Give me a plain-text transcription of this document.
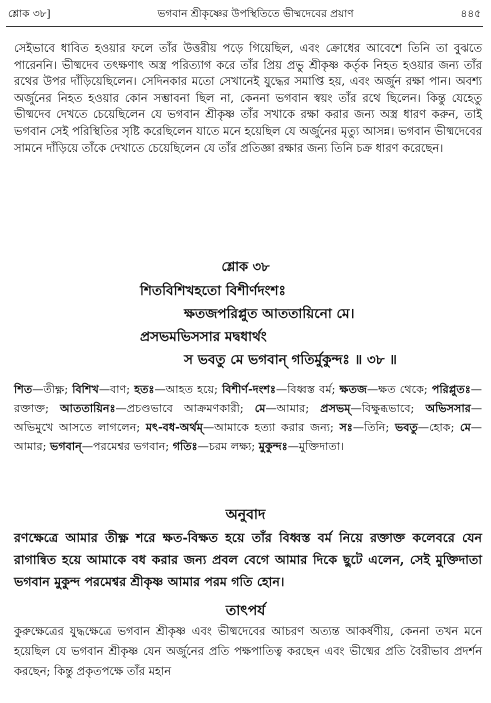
শ্লোক ৩৮]	ভগবান শ্রীকৃষ্ণের উপস্থিতিতে ভীষ্মদেবের প্রয়াণ	৪৪৫

সেইভাবে ধাবিত হওয়ার ফলে তাঁর উত্তরীয় পড়ে গিয়েছিল, এবং ক্রোধের আবেশে তিনি তা বুঝতে পারেননি। ভীষ্মদেব তৎক্ষণাৎ অস্ত্র পরিত্যাগ করে তাঁর প্রিয় প্রভু শ্রীকৃষ্ণ কর্তৃক নিহত হওয়ার জন্য তাঁর রথের উপর দাঁড়িয়েছিলেন। সেদিনকার মতো সেখানেই যুদ্ধের সমাপ্তি হয়, এবং অর্জুন রক্ষা পান। অবশ্য অর্জুনের নিহত হওয়ার কোন সম্ভাবনা ছিল না, কেননা ভগবান স্বয়ং তাঁর রথে ছিলেন। কিন্তু যেহেতু ভীষ্মদেব দেখতে চেয়েছিলেন যে ভগবান শ্রীকৃষ্ণ তাঁর সখাকে রক্ষা করার জন্য অস্ত্র ধারণ করুন, তাই ভগবান সেই পরিস্থিতির সৃষ্টি করেছিলেন যাতে মনে হয়েছিল যে অর্জুনের মৃত্যু আসন্ন। ভগবান ভীষ্মদেবের সামনে দাঁড়িয়ে তাঁকে দেখাতে চেয়েছিলেন যে তাঁর প্রতিজ্ঞা রক্ষার জন্য তিনি চক্র ধারণ করেছেন।

শ্লোক ৩৮
শিতবিশিখহতো বিশীর্ণদংশঃ
ক্ষতজপরিপ্লুত আততায়িনো মে।
প্রসভমভিসসার মদ্বধার্থং
স ভবতু মে ভগবান্ গতির্মুকুন্দঃ ॥ ৩৮ ॥

শিত—তীক্ষ্ণ; বিশিখ—বাণ; হতঃ—আহত হয়ে; বিশীর্ণ-দংশঃ—বিধ্বস্ত বর্ম; ক্ষতজ—ক্ষত থেকে; পরিপ্লুতঃ—রক্তাক্ত; আততায়িনঃ—প্রচণ্ডভাবে আক্রমণকারী; মে—আমার; প্রসভম্—বিক্ষুব্ধভাবে; অভিসসার—অভিমুখে আসতে লাগলেন; মৎ-বধ-অর্থম্—আমাকে হত্যা করার জন্য; সঃ—তিনি; ভবতু—হোক; মে—আমার; ভগবান্—পরমেশ্বর ভগবান; গতিঃ—চরম লক্ষ্য; মুকুন্দঃ—মুক্তিদাতা।

অনুবাদ

রণক্ষেত্রে আমার তীক্ষ্ণ শরে ক্ষত-বিক্ষত হয়ে তাঁর বিধ্বস্ত বর্ম নিয়ে রক্তাক্ত কলেবরে যেন রাগান্বিত হয়ে আমাকে বধ করার জন্য প্রবল বেগে আমার দিকে ছুটে এলেন, সেই মুক্তিদাতা ভগবান মুকুন্দ পরমেশ্বর শ্রীকৃষ্ণ আমার পরম গতি হোন।

তাৎপর্য

কুরুক্ষেত্রের যুদ্ধক্ষেত্রে ভগবান শ্রীকৃষ্ণ এবং ভীষ্মদেবের আচরণ অত্যন্ত আকর্ষণীয়, কেননা তখন মনে হয়েছিল যে ভগবান শ্রীকৃষ্ণ যেন অর্জুনের প্রতি পক্ষপাতিত্ব করছেন এবং ভীষ্মের প্রতি বৈরীভাব প্রদর্শন করছেন; কিন্তু প্রকৃতপক্ষে তাঁর মহান
